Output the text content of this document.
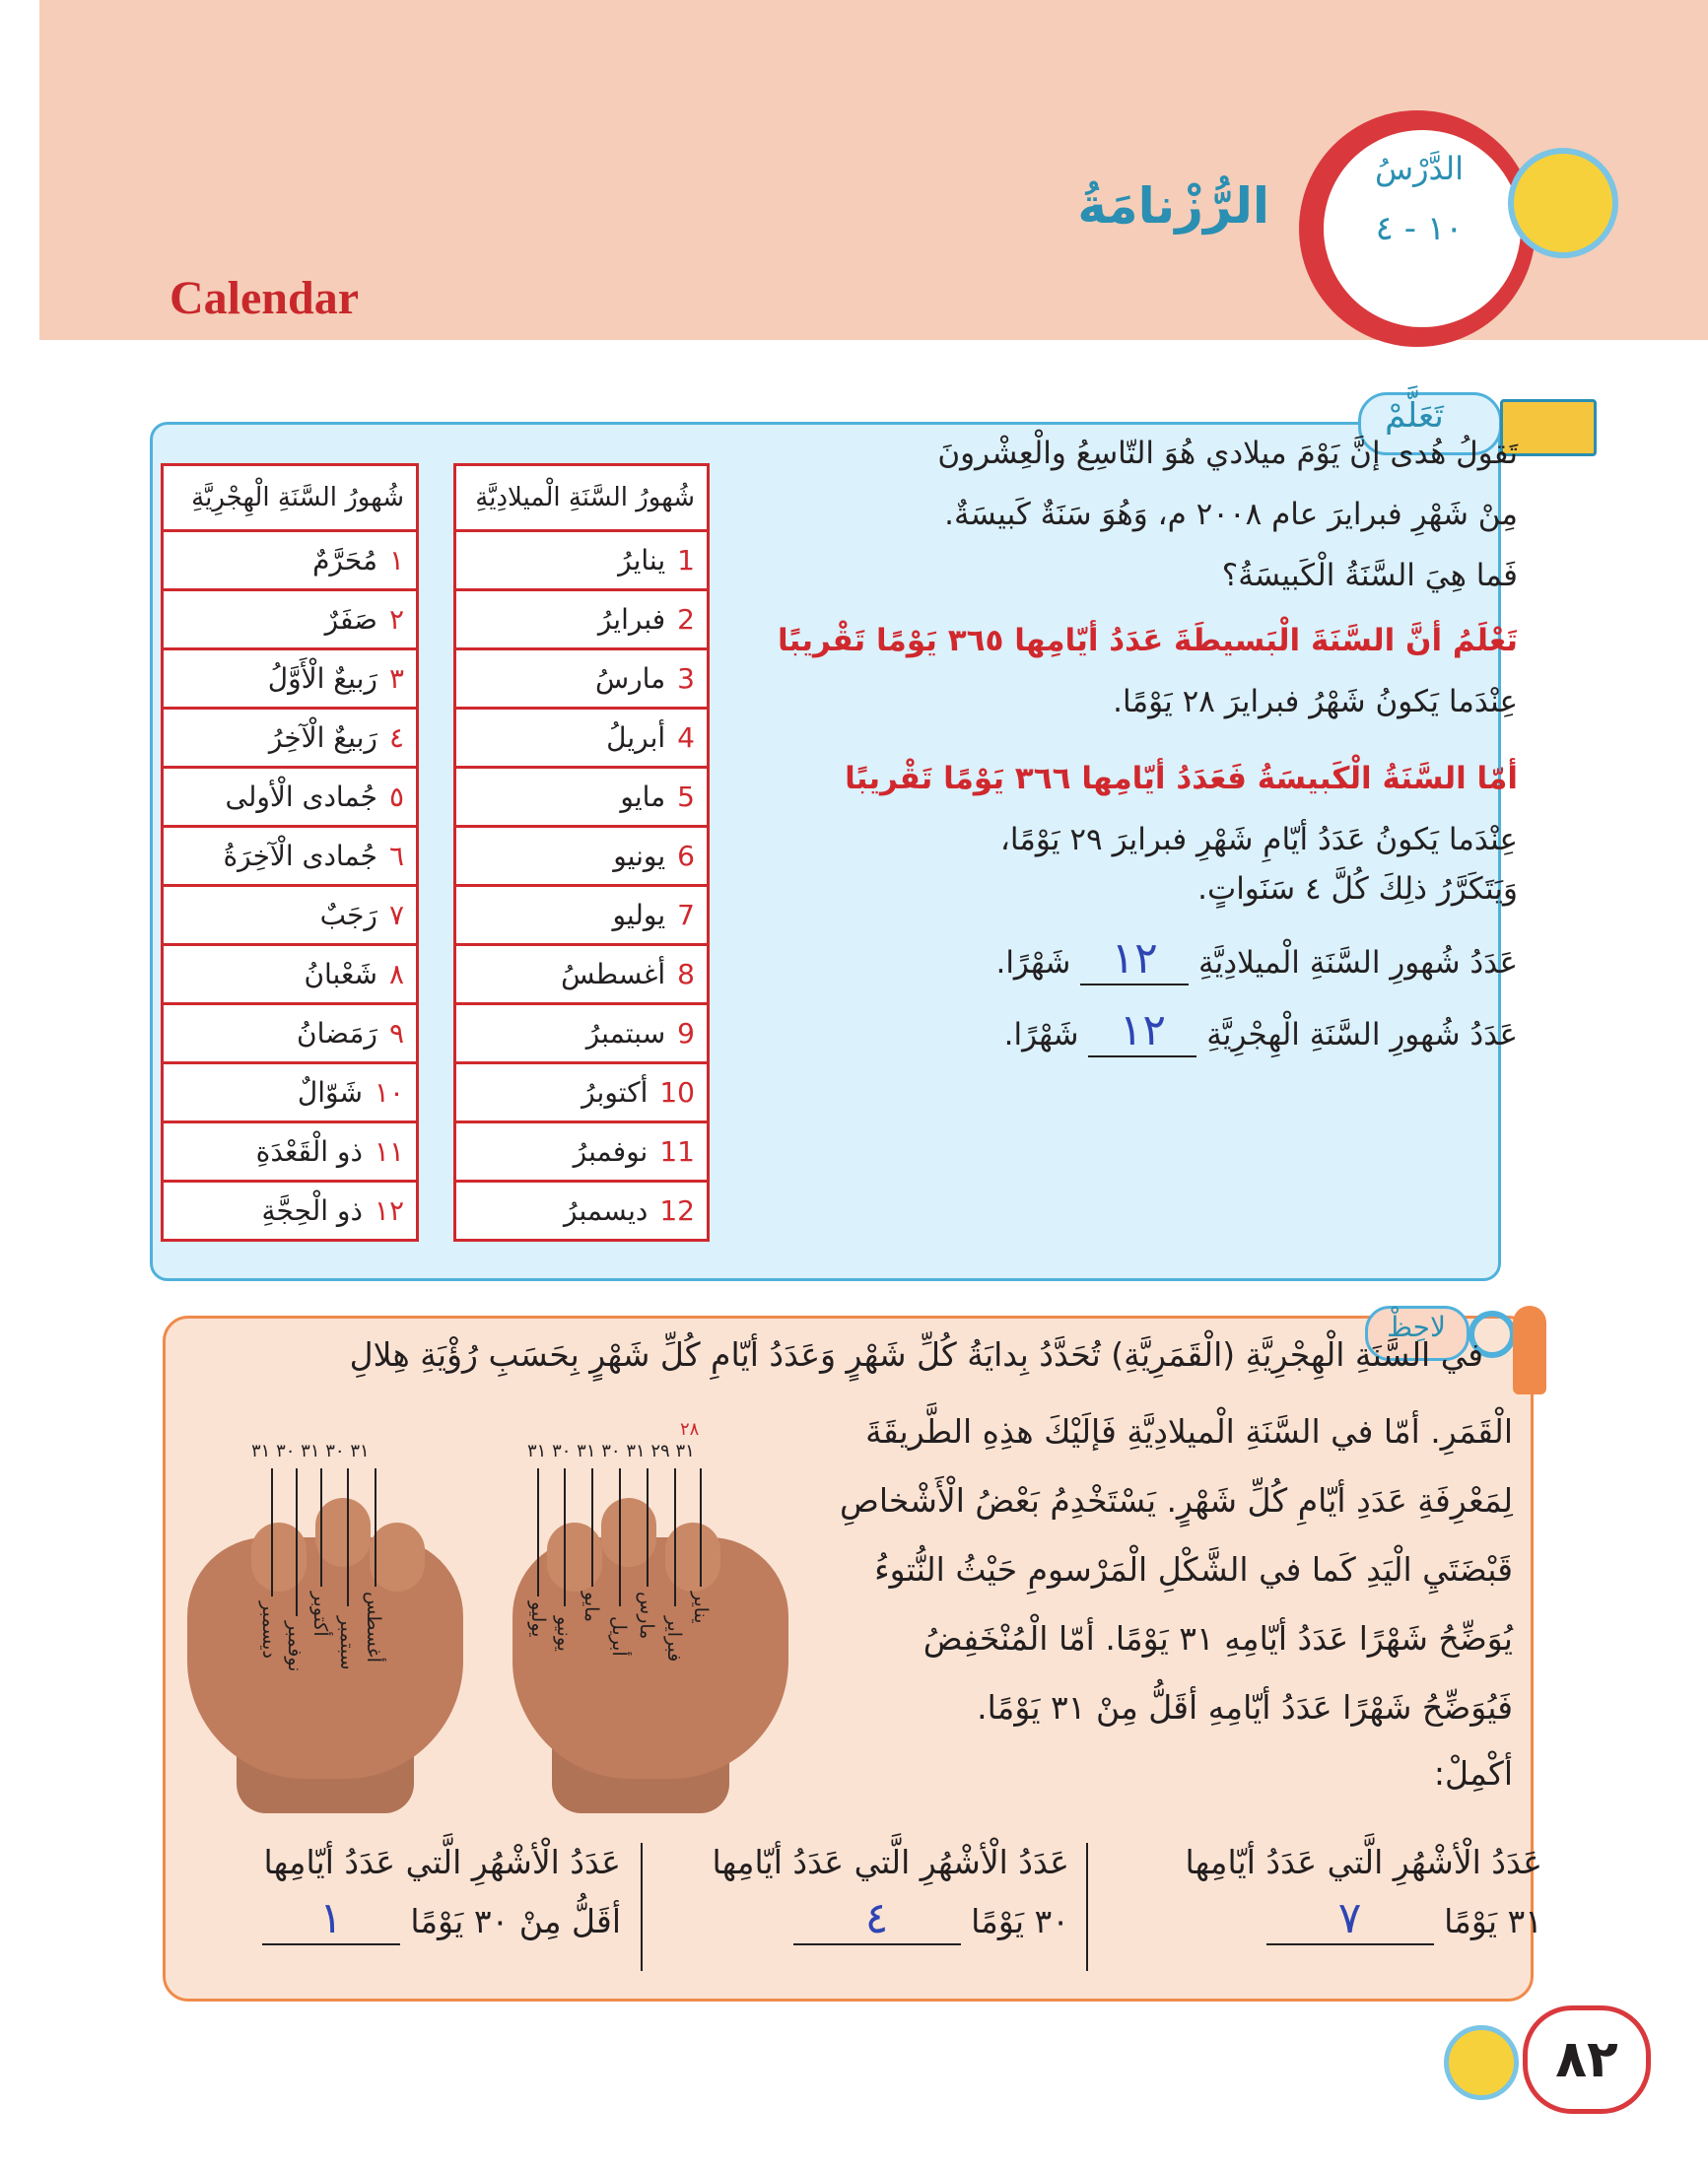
الدَّرْسُ
١٠ - ٤
الرُّزْنامَةُ
Calendar
تَعَلَّمْ
تَقولُ هُدى إنَّ يَوْمَ ميلادي هُوَ التّاسِعُ والْعِشْرونَ
مِنْ شَهْرِ فبرايرَ عام ٢٠٠٨ م، وَهُوَ سَنَةٌ كَبيسَةٌ.
فَما هِيَ السَّنَةُ الْكَبيسَةُ؟
تَعْلَمُ أنَّ السَّنَةَ الْبَسيطَةَ عَدَدُ أيّامِها ٣٦٥ يَوْمًا تَقْريبًا
عِنْدَما يَكونُ شَهْرُ فبرايرَ ٢٨ يَوْمًا.
أمّا السَّنَةُ الْكَبيسَةُ فَعَدَدُ أيّامِها ٣٦٦ يَوْمًا تَقْريبًا
عِنْدَما يَكونُ عَدَدُ أيّامِ شَهْرِ فبرايرَ ٢٩ يَوْمًا،
وَيَتَكَرَّرُ ذلِكَ كُلَّ ٤ سَنَواتٍ.
عَدَدُ شُهورِ السَّنَةِ الْميلادِيَّةِ ١٢ شَهْرًا.
عَدَدُ شُهورِ السَّنَةِ الْهِجْرِيَّةِ ١٢ شَهْرًا.
شُهورُ السَّنَةِ الْميلادِيَّةِ
1ينايرُ
2فبرايرُ
3مارسُ
4أبريلُ
5مايو
6يونيو
7يوليو
8أغسطسُ
9سبتمبرُ
10أكتوبرُ
11نوفمبرُ
12ديسمبرُ
شُهورُ السَّنَةِ الْهِجْرِيَّةِ
١مُحَرَّمٌ
٢صَفَرٌ
٣رَبيعٌ الْأَوَّلُ
٤رَبيعٌ الْآخِرُ
٥جُمادى الْأولى
٦جُمادى الْآخِرَةُ
٧رَجَبٌ
٨شَعْبانُ
٩رَمَضانُ
١٠شَوّالٌ
١١ذو الْقَعْدَةِ
١٢ذو الْحِجَّةِ
لاحِظْ
في السَّنَةِ الْهِجْرِيَّةِ (الْقَمَرِيَّةِ) تُحَدَّدُ بِدايَةُ كُلِّ شَهْرٍ وَعَدَدُ أيّامِ كُلِّ شَهْرٍ بِحَسَبِ رُؤْيَةِ هِلالِ
الْقَمَرِ. أمّا في السَّنَةِ الْميلادِيَّةِ فَإلَيْكَ هذِهِ الطَّريقَةَ
لِمَعْرِفَةِ عَدَدِ أيّامِ كُلِّ شَهْرٍ. يَسْتَخْدِمُ بَعْضُ الْأَشْخاصِ
قَبْضَتَيِ الْيَدِ كَما في الشَّكْلِ الْمَرْسومِ حَيْثُ النُّتوءُ
يُوَضِّحُ شَهْرًا عَدَدُ أيّامِهِ ٣١ يَوْمًا. أمّا الْمُنْخَفِضُ
فَيُوَضِّحُ شَهْرًا عَدَدُ أيّامِهِ أقَلُّ مِنْ ٣١ يَوْمًا.
أكْمِلْ:
٣١ ٣٠ ٣١ ٣٠ ٣١	٣١ ٢٩ ٣١ ٣٠ ٣١ ٣٠ ٣١
٢٨
ديسمبر نوفمبر
أكتوبر
سبتمبر أغسطس	يوليو يونيو
مايو
أبريل مارس فبراير
يناير
عَدَدُ الْأشْهُرِ الَّتي عَدَدُ أيّامِها
٣١ يَوْمًا ٧
عَدَدُ الْأشْهُرِ الَّتي عَدَدُ أيّامِها
٣٠ يَوْمًا ٤
عَدَدُ الْأشْهُرِ الَّتي عَدَدُ أيّامِها
أقَلُّ مِنْ ٣٠ يَوْمًا ١
٨٢
